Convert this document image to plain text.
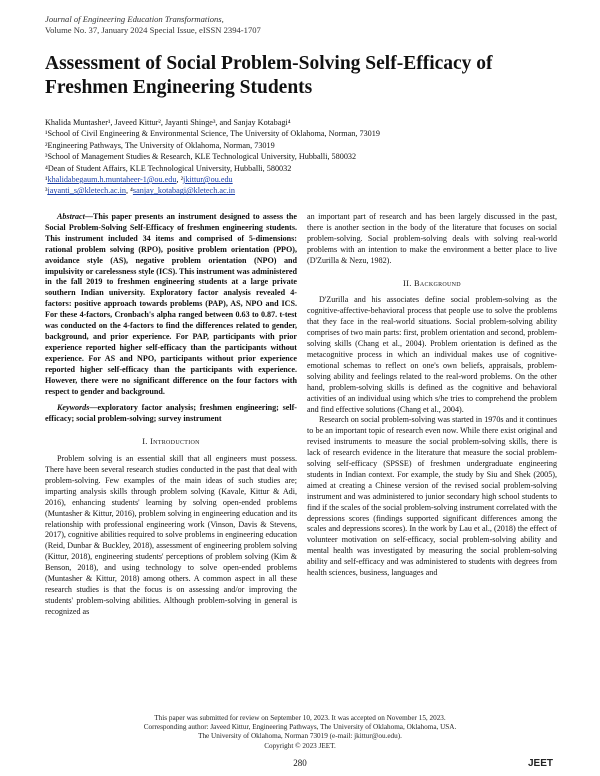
Journal of Engineering Education Transformations,
Volume No. 37, January 2024 Special Issue, eISSN 2394-1707
Assessment of Social Problem-Solving Self-Efficacy of Freshmen Engineering Students
Khalida Muntasher¹, Javeed Kittur², Jayanti Shinge³, and Sanjay Kotabagi⁴
¹School of Civil Engineering & Environmental Science, The University of Oklahoma, Norman, 73019
²Engineering Pathways, The University of Oklahoma, Norman, 73019
³School of Management Studies & Research, KLE Technological University, Hubballi, 580032
⁴Dean of Student Affairs, KLE Technological University, Hubballi, 580032
¹khalidabegaum.h.muntaheer-1@ou.edu, ²jkittur@ou.edu
³jayanti_s@kletech.ac.in, ⁴sanjay_kotabagi@kletech.ac.in

Abstract—This paper presents an instrument designed to assess the Social Problem-Solving Self-Efficacy of freshmen engineering students. This instrument included 34 items and comprised of 5-dimensions: rational problem solving (RPO), positive problem orientation (PPO), avoidance style (AS), negative problem orientation (NPO) and impulsivity or carelessness style (ICS). This instrument was administered in the fall 2019 to freshmen engineering students at a large private southern Indian university. Exploratory factor analysis revealed 4-factors: positive approach towards problems (PAP), AS, NPO and ICS. For these 4-factors, Cronbach's alpha ranged between 0.63 to 0.87. t-test was conducted on the 4-factors to find the differences related to gender, background, and prior experience. For PAP, participants with prior experience reported higher self-efficacy than the participants without experience. For AS and NPO, participants without prior experience reported higher self-efficacy than the participants with experience. However, there were no significant difference on the four factors with respect to gender and background.

Keywords—exploratory factor analysis; freshmen engineering; self-efficacy; social problem-solving; survey instrument

I. Introduction

Problem solving is an essential skill that all engineers must possess. There have been several research studies conducted in the past that deal with problem-solving. Few examples of the main ideas of such studies are; imparting analysis skills through problem solving (Kavale, Kittur & Adi, 2016), enhancing students' learning by solving open-ended problems (Muntasher & Kittur, 2016), problem solving in engineering education and its relationship with professional engineering work (Vinson, Davis & Stevens, 2017), cognitive abilities required to solve problems in engineering education (Reid, Dunbar & Buckley, 2018), assessment of engineering problem solving (Kittur, 2018), engineering students' perceptions of problem solving (Kim & Benson, 2018), and using technology to solve open-ended problems (Muntasher & Kittur, 2018) among others. A common aspect in all these research studies is that the focus is on assessing and/or improving the students' problem-solving abilities. Although problem-solving in general is recognized as

an important part of research and has been largely discussed in the past, there is another section in the body of the literature that focuses on social problem-solving. Social problem-solving deals with solving real-world problems with an intention to make the environment a better place to live (D'Zurilla & Nezu, 1982).

II. Background

D'Zurilla and his associates define social problem-solving as the cognitive-affective-behavioral process that people use to solve the problems that they face in the real-world situations. Social problem-solving ability comprises of two main parts: first, problem orientation and second, problem-solving skills (Chang et al., 2004). Problem orientation is defined as the metacognitive process in which an individual makes use of cognitive-emotional schemas to reflect on one's own beliefs, appraisals, problem-solving ability and feelings related to the real-word problems. On the other hand, problem-solving skills is defined as the cognitive and behavioral activities of an individual using which s/he tries to comprehend the problem and find effective solutions (Chang et al., 2004).

Research on social problem-solving was started in 1970s and it continues to be an important topic of research even now. While there exist original and revised instruments to measure the social problem-solving skills, there is lack of research evidence in the literature that measure the social problem-solving self-efficacy (SPSSE) of freshmen undergraduate engineering students in Indian context. For example, the study by Siu and Shek (2005), aimed at creating a Chinese version of the revised social problem-solving instrument and was administered to junior secondary high school students to find if the scales of the social problem-solving instrument correlated with the depressions scores (findings supported significant differences among the scales and depressions scores). In the work by Lau et al., (2018) the effect of volunteer motivation on self-efficacy, social problem-solving ability and mental health was investigated by measuring the social problem-solving ability and self-efficacy and was administered to students with degrees from health sciences, business, languages and

This paper was submitted for review on September 10, 2023. It was accepted on November 15, 2023.
Corresponding author: Javeed Kittur, Engineering Pathways, The University of Oklahoma, Oklahoma, USA.
The University of Oklahoma, Norman 73019 (e-mail: jkittur@ou.edu).
Copyright © 2023 JEET.
280	JEET
